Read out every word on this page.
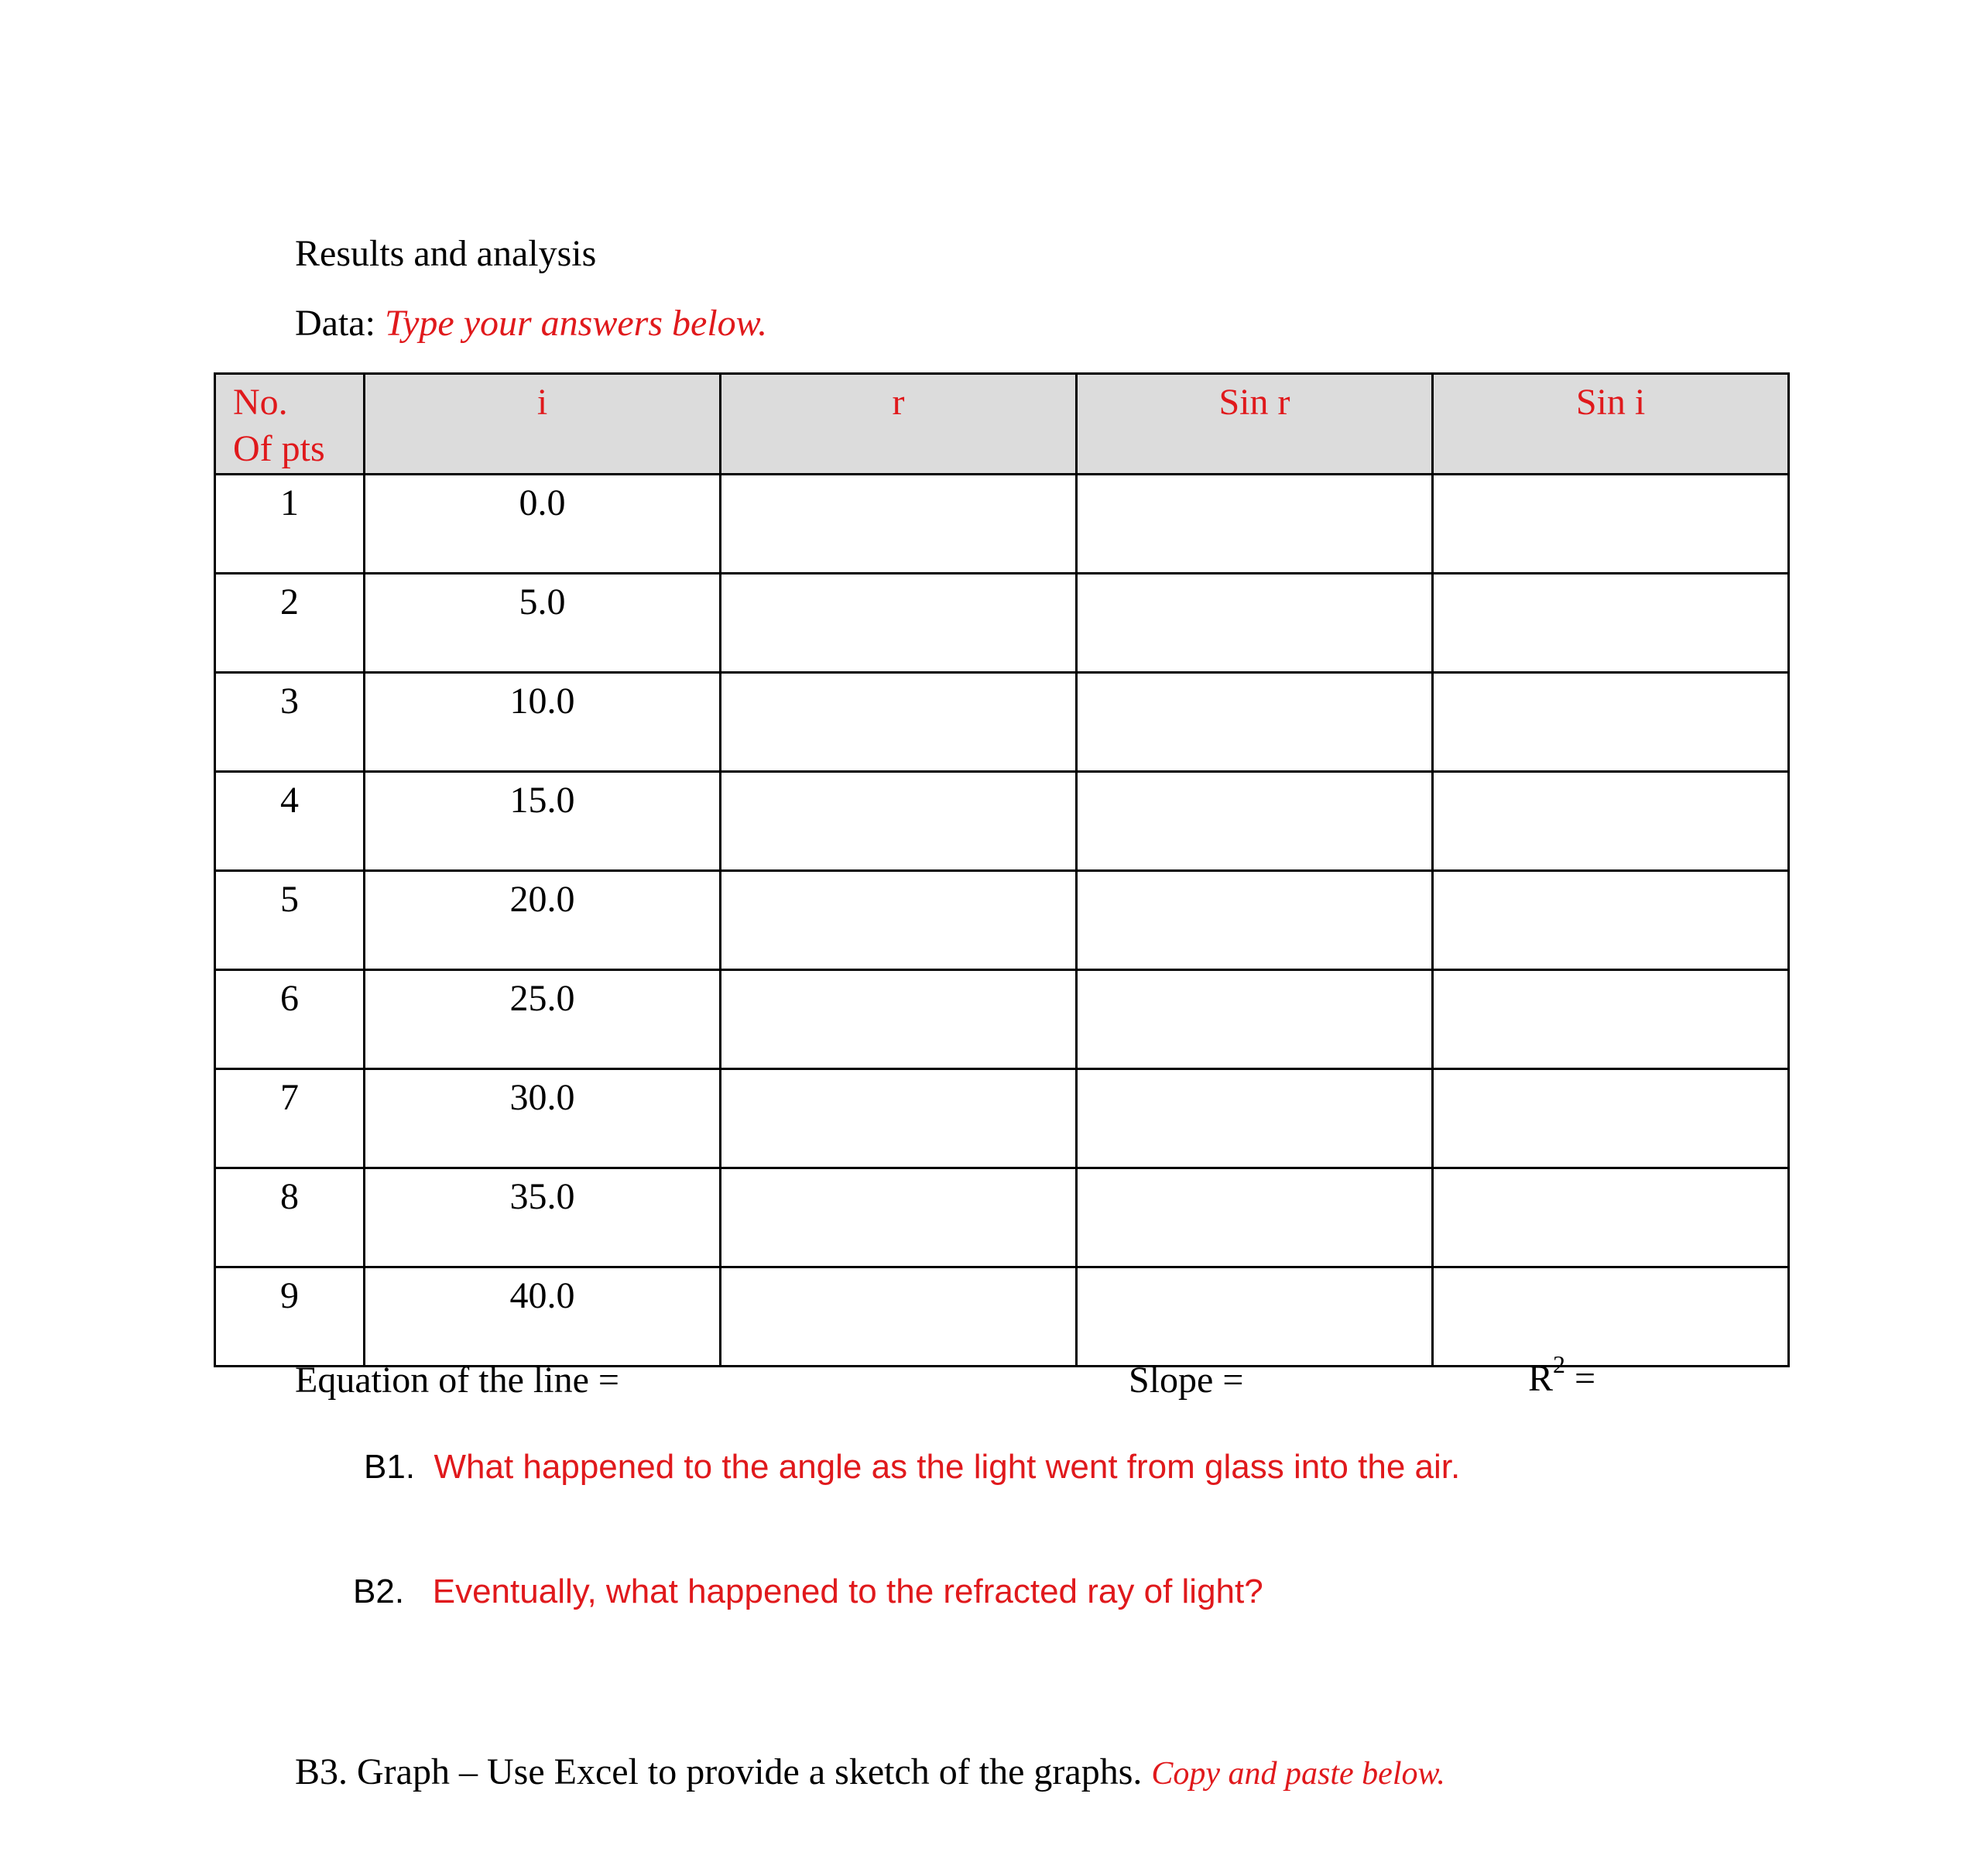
Results and analysis
Data: Type your answers below.
No.
Of pts	i	r	Sin r	Sin i
1	0.0			
2	5.0			
3	10.0			
4	15.0			
5	20.0			
6	25.0			
7	30.0			
8	35.0			
9	40.0			
Equation of the line =	Slope =	$R^2$ =
B1. What happened to the angle as the light went from glass into the air.
B2. Eventually, what happened to the refracted ray of light?
B3. Graph – Use Excel to provide a sketch of the graphs. Copy and paste below.
